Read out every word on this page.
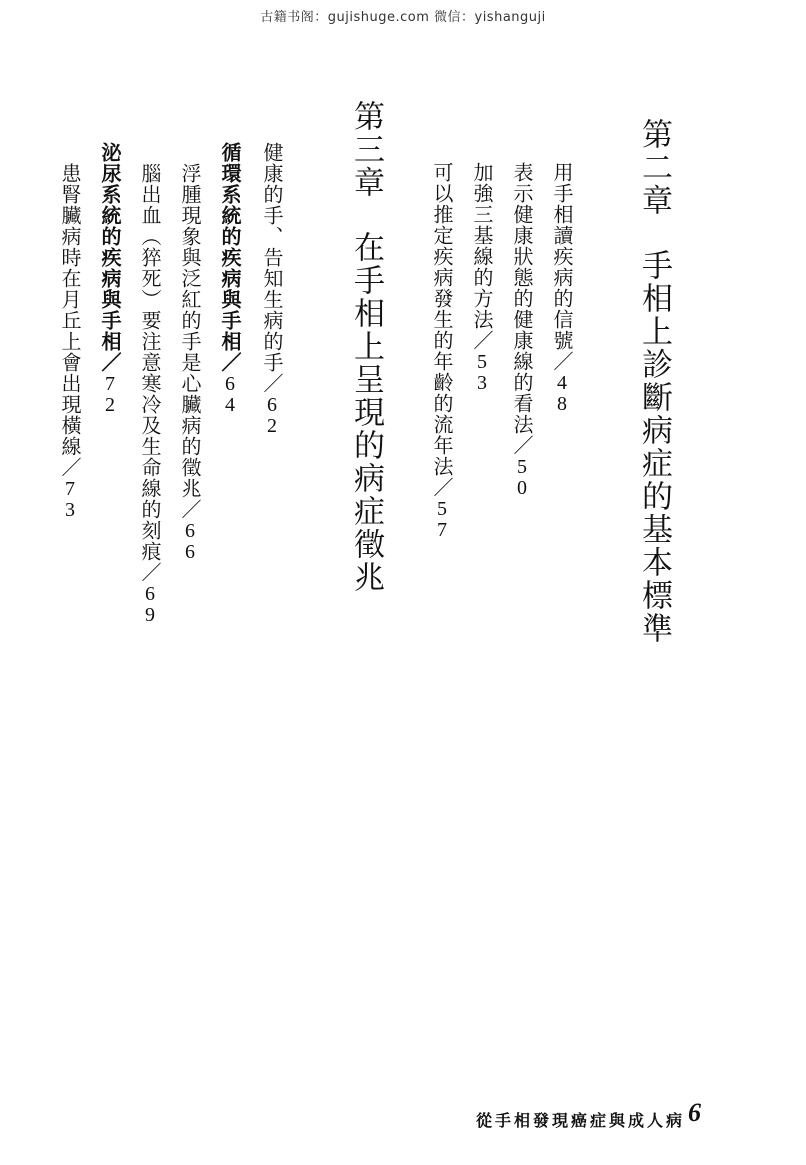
古籍书阁：gujishuge.com 微信：yishanguji
第二章手相上診斷病症的基本標準
用手相讀疾病的信號／48
表示健康狀態的健康線的看法／50
加強三基線的方法／53
可以推定疾病發生的年齡的流年法／57
第三章在手相上呈現的病症徵兆
健康的手、告知生病的手／62
循環系統的疾病與手相／64
浮腫現象與泛紅的手是心臟病的徵兆／66
腦出血（猝死）要注意寒冷及生命線的刻痕／69
泌尿系統的疾病與手相／72
患腎臟病時在月丘上會出現橫線／73
從手相發現癌症與成人病 6
